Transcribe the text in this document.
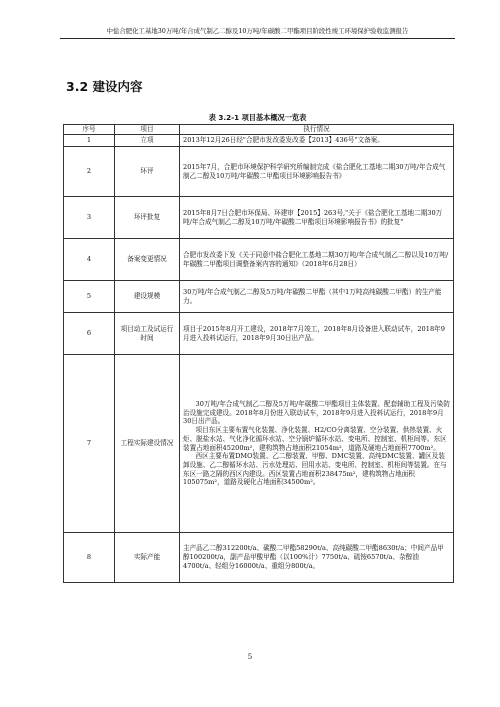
中盐合肥化工基地30万吨/年合成气制乙二醇及10万吨/年碳酸二甲酯项目阶段性竣工环境保护验收监测报告
3.2 建设内容
表 3.2-1 项目基本概况一览表
序号	项目	执行情况
1	立项	2013年12月26日经"合肥市发改委发改委【2013】436号"文备案。
2	环评	2015年7月，合肥市环境保护科学研究所编制完成《盐合肥化工基地二期30万吨/年合成气制乙二醇及10万吨/年碳酸二甲酯项目环境影响报告书》
3	环评批复	2015年8月7日合肥市环保局、环建审【2015】263号,"关于《盐合肥化工基地二期30万吨/年合成气制乙二醇及10万吨/年碳酸二甲酯项目环境影响报告书》的批复"
4	备案变更情况	合肥市发改委下发《关于同意中盐合肥化工基地二期30万吨/年合成气制乙二醇以及10万吨/年碳酸二甲酯项目调整备案内容的通知》（2018年6月28日）
5	建设规模	30万吨/年合成气制乙二醇及5万吨/年碳酸二甲酯（其中1万吨高纯碳酸二甲酯）的生产能力。
6	项目动工及试运行时间	项目于2015年8月开工建设，2018年7月竣工，2018年8月设备进入联动试车，2018年9月进入投料试运行，2018年9月30日出产品。
7	工程实际建设情况	30万吨/年合成气制乙二醇及5万吨/年碳酸二甲酯项目主体装置、配套辅助工程及污染防治设施完成建设。2018年8月份进入联动试车，2018年9月进入投料试运行，2018年9月30日出产品。

项目东区主要布置气化装置、净化装置、H2/CO分离装置、空分装置、供热装置、火炬、脱盐水站、气化净化循环水站、空分锅炉循环水站、变电所、控制室、机柜间等。东区装置占地面积45200m²，建构筑物占地面积21054m²，道路及硬地占地面积7700m²。

西区主要布置DMO装置、乙二醇装置、甲醇、DMC装置、高纯DMC装置、罐区及装卸设施、乙二醇循环水站、污水处理站、回用水站、变电所、控制室、机柜间等装置。在与东区一路之隔的西区内建设。西区装置占地面积238475m²，建构筑物占地面积105075m²，道路及硬化占地面积34500m²。

8	实际产能	主产品乙二醇312200t/a、碳酸二甲酯58290t/a、高纯碳酸二甲酯8630t/a；中间产品甲醇100200t/a，副产品甲酸甲酯（以100%计）7750t/a、硫铵6570t/a、杂醇油4700t/a、轻组分16000t/a、重组分800t/a。
5
